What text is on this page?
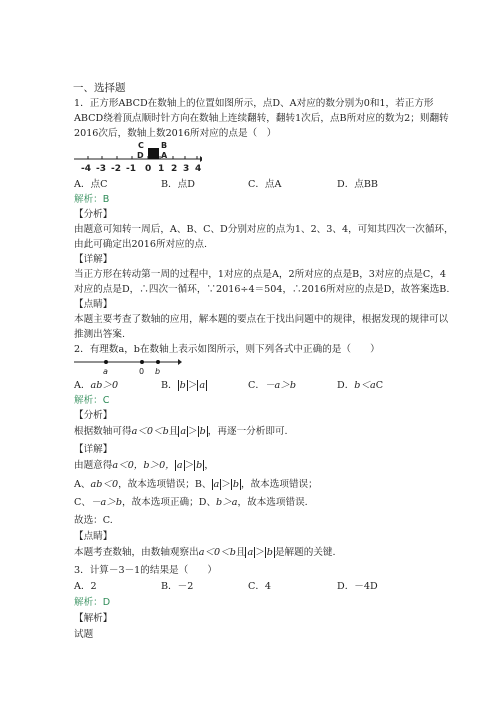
一、选择题
1．正方形ABCD在数轴上的位置如图所示，点D、A对应的数分别为0和1，若正方形
ABCD绕着顶点顺时针方向在数轴上连续翻转，翻转1次后，点B所对应的数为2；则翻转
2016次后，数轴上数2016所对应的点是（　）
C B
D A
-4 -3 -2 -1 0 1 2 3 4
A．点C	B．点D	C．点A	D．点BB
解析：B
【分析】
由题意可知转一周后，A、B、C、D分别对应的点为1、2、3、4，可知其四次一次循环，
由此可确定出2016所对应的点.
【详解】
当正方形在转动第一周的过程中，1对应的点是A，2所对应的点是B，3对应的点是C，4
对应的点是D，∴四次一循环，∵2016÷4＝504，∴2016所对应的点是D，故答案选B.
【点睛】
本题主要考查了数轴的应用，解本题的要点在于找出问题中的规律，根据发现的规律可以
推测出答案.
2．有理数a，b在数轴上表示如图所示，则下列各式中正确的是（　　）
a	0 b
A．ab＞0	B． b ＞ a	C．－a＞b	D．b＜aC
解析：C
【分析】
根据数轴可得a＜0＜b且 a ＞ b ，再逐一分析即可.
【详解】
由题意得a＜0，b＞0， a ＞ b ，
A、ab＜0，故本选项错误；B、 a ＞ b ，故本选项错误；
C、－a＞b，故本选项正确；D、b＞a，故本选项错误.
故选：C.
【点睛】
本题考查数轴，由数轴观察出a＜0＜b且 a ＞ b 是解题的关键.
3．计算－3－1的结果是（　　）
A．2	B．－2	C．4	D．－4D
解析：D
【解析】
试题
